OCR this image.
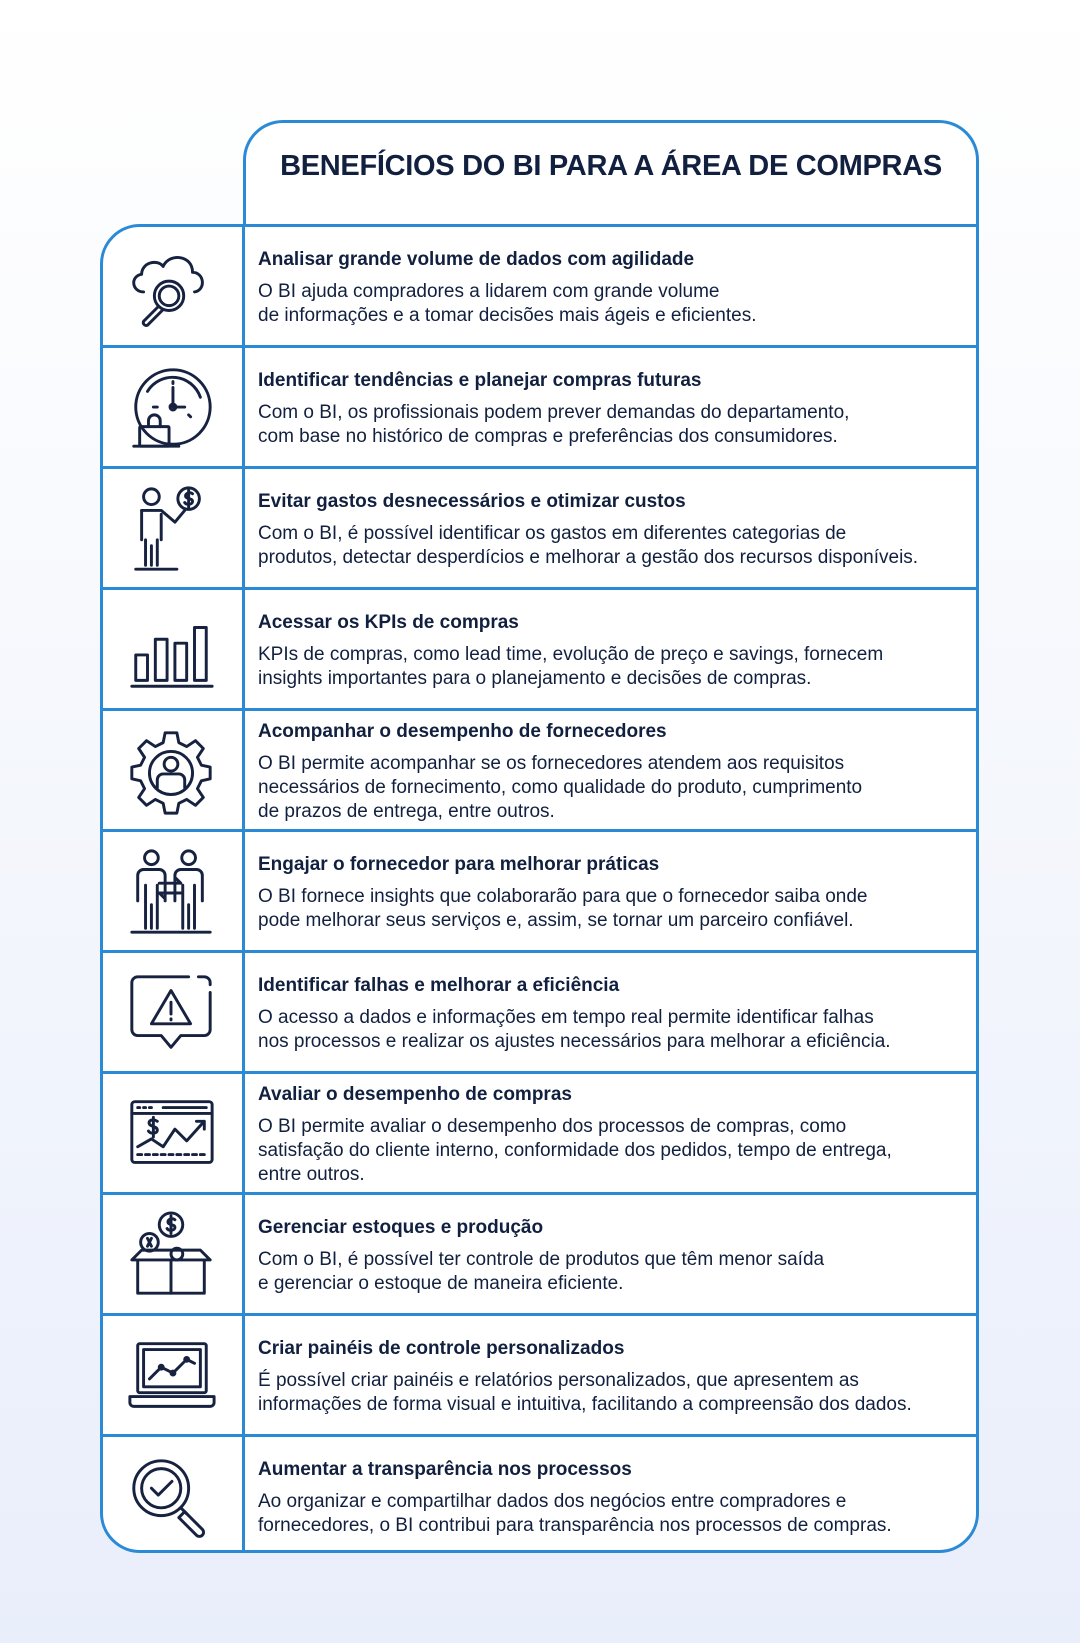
BENEFÍCIOS DO BI PARA A ÁREA DE COMPRAS
Analisar grande volume de dados com agilidade
O BI ajuda compradores a lidarem com grande volume
de informações e a tomar decisões mais ágeis e eficientes.
Identificar tendências e planejar compras futuras
Com o BI, os profissionais podem prever demandas do departamento,
com base no histórico de compras e preferências dos consumidores.
Evitar gastos desnecessários e otimizar custos
Com o BI, é possível identificar os gastos em diferentes categorias de
produtos, detectar desperdícios e melhorar a gestão dos recursos disponíveis.
Acessar os KPIs de compras
KPIs de compras, como lead time, evolução de preço e savings, fornecem
insights importantes para o planejamento e decisões de compras.
Acompanhar o desempenho de fornecedores
O BI permite acompanhar se os fornecedores atendem aos requisitos
necessários de fornecimento, como qualidade do produto, cumprimento
de prazos de entrega, entre outros.
Engajar o fornecedor para melhorar práticas
O BI fornece insights que colaborarão para que o fornecedor saiba onde
pode melhorar seus serviços e, assim, se tornar um parceiro confiável.
Identificar falhas e melhorar a eficiência
O acesso a dados e informações em tempo real permite identificar falhas
nos processos e realizar os ajustes necessários para melhorar a eficiência.
Avaliar o desempenho de compras
O BI permite avaliar o desempenho dos processos de compras, como
satisfação do cliente interno, conformidade dos pedidos, tempo de entrega,
entre outros.
Gerenciar estoques e produção
Com o BI, é possível ter controle de produtos que têm menor saída
e gerenciar o estoque de maneira eficiente.
Criar painéis de controle personalizados
É possível criar painéis e relatórios personalizados, que apresentem as
informações de forma visual e intuitiva, facilitando a compreensão dos dados.
Aumentar a transparência nos processos
Ao organizar e compartilhar dados dos negócios entre compradores e
fornecedores, o BI contribui para transparência nos processos de compras.
